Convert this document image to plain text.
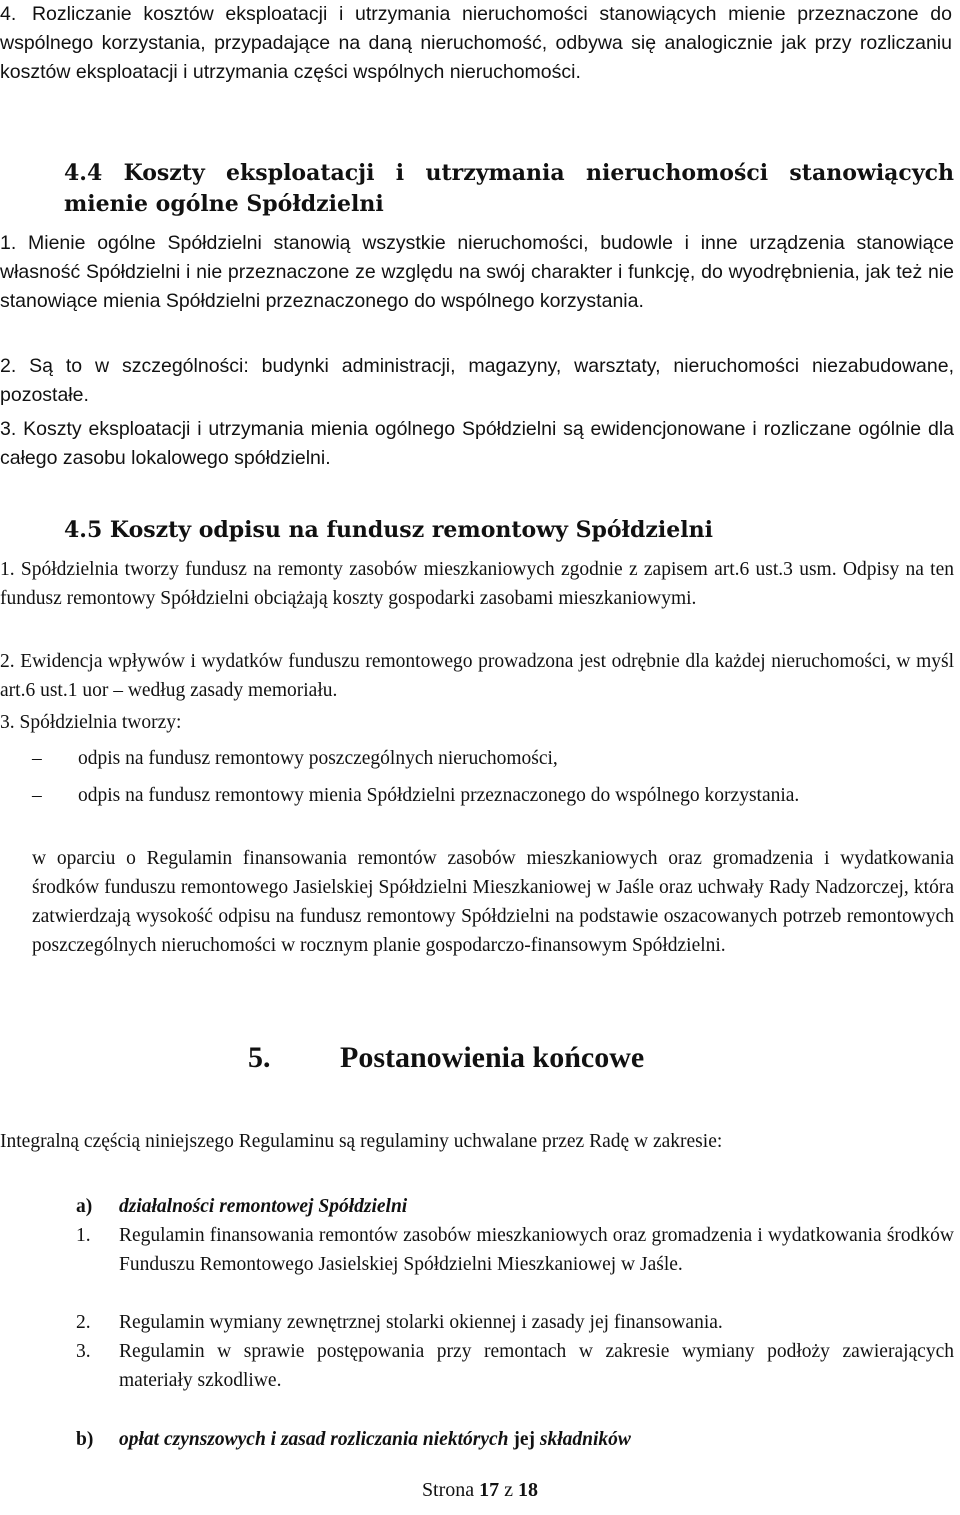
4. Rozliczanie kosztów eksploatacji i utrzymania nieruchomości stanowiących mienie przeznaczone do wspólnego korzystania, przypadające na daną nieruchomość, odbywa się analogicznie jak przy rozliczaniu kosztów eksploatacji i utrzymania części wspólnych nieruchomości.
4.4 Koszty eksploatacji i utrzymania nieruchomości stanowiących mienie ogólne Spółdzielni
1. Mienie ogólne Spółdzielni stanowią wszystkie nieruchomości, budowle i inne urządzenia stanowiące własność Spółdzielni i nie przeznaczone ze względu na swój charakter i funkcję, do wyodrębnienia, jak też nie stanowiące mienia Spółdzielni przeznaczonego do wspólnego korzystania.
2. Są to w szczególności: budynki administracji, magazyny, warsztaty, nieruchomości niezabudowane, pozostałe.
3. Koszty eksploatacji i utrzymania mienia ogólnego Spółdzielni są ewidencjonowane i rozliczane ogólnie dla całego zasobu lokalowego spółdzielni.
4.5 Koszty odpisu na fundusz remontowy Spółdzielni
1. Spółdzielnia tworzy fundusz na remonty zasobów mieszkaniowych zgodnie z zapisem art.6 ust.3 usm. Odpisy na ten fundusz remontowy Spółdzielni obciążają koszty gospodarki zasobami mieszkaniowymi.
2. Ewidencja wpływów i wydatków funduszu remontowego prowadzona jest odrębnie dla każdej nieruchomości, w myśl art.6 ust.1 uor – według zasady memoriału.
3. Spółdzielnia tworzy:
– odpis na fundusz remontowy poszczególnych nieruchomości,
– odpis na fundusz remontowy mienia Spółdzielni przeznaczonego do wspólnego korzystania.
w oparciu o Regulamin finansowania remontów zasobów mieszkaniowych oraz gromadzenia i wydatkowania środków funduszu remontowego Jasielskiej Spółdzielni Mieszkaniowej w Jaśle oraz uchwały Rady Nadzorczej, która zatwierdzają wysokość odpisu na fundusz remontowy Spółdzielni na podstawie oszacowanych potrzeb remontowych poszczególnych nieruchomości w rocznym planie gospodarczo-finansowym Spółdzielni.
5. Postanowienia końcowe
Integralną częścią niniejszego Regulaminu są regulaminy uchwalane przez Radę w zakresie:
a) działalności remontowej Spółdzielni
1. Regulamin finansowania remontów zasobów mieszkaniowych oraz gromadzenia i wydatkowania środków Funduszu Remontowego Jasielskiej Spółdzielni Mieszkaniowej w Jaśle.
2. Regulamin wymiany zewnętrznej stolarki okiennej i zasady jej finansowania.
3. Regulamin w sprawie postępowania przy remontach w zakresie wymiany podłoży zawierających materiały szkodliwe.
b) opłat czynszowych i zasad rozliczania niektórych jej składników
Strona 17 z 18
